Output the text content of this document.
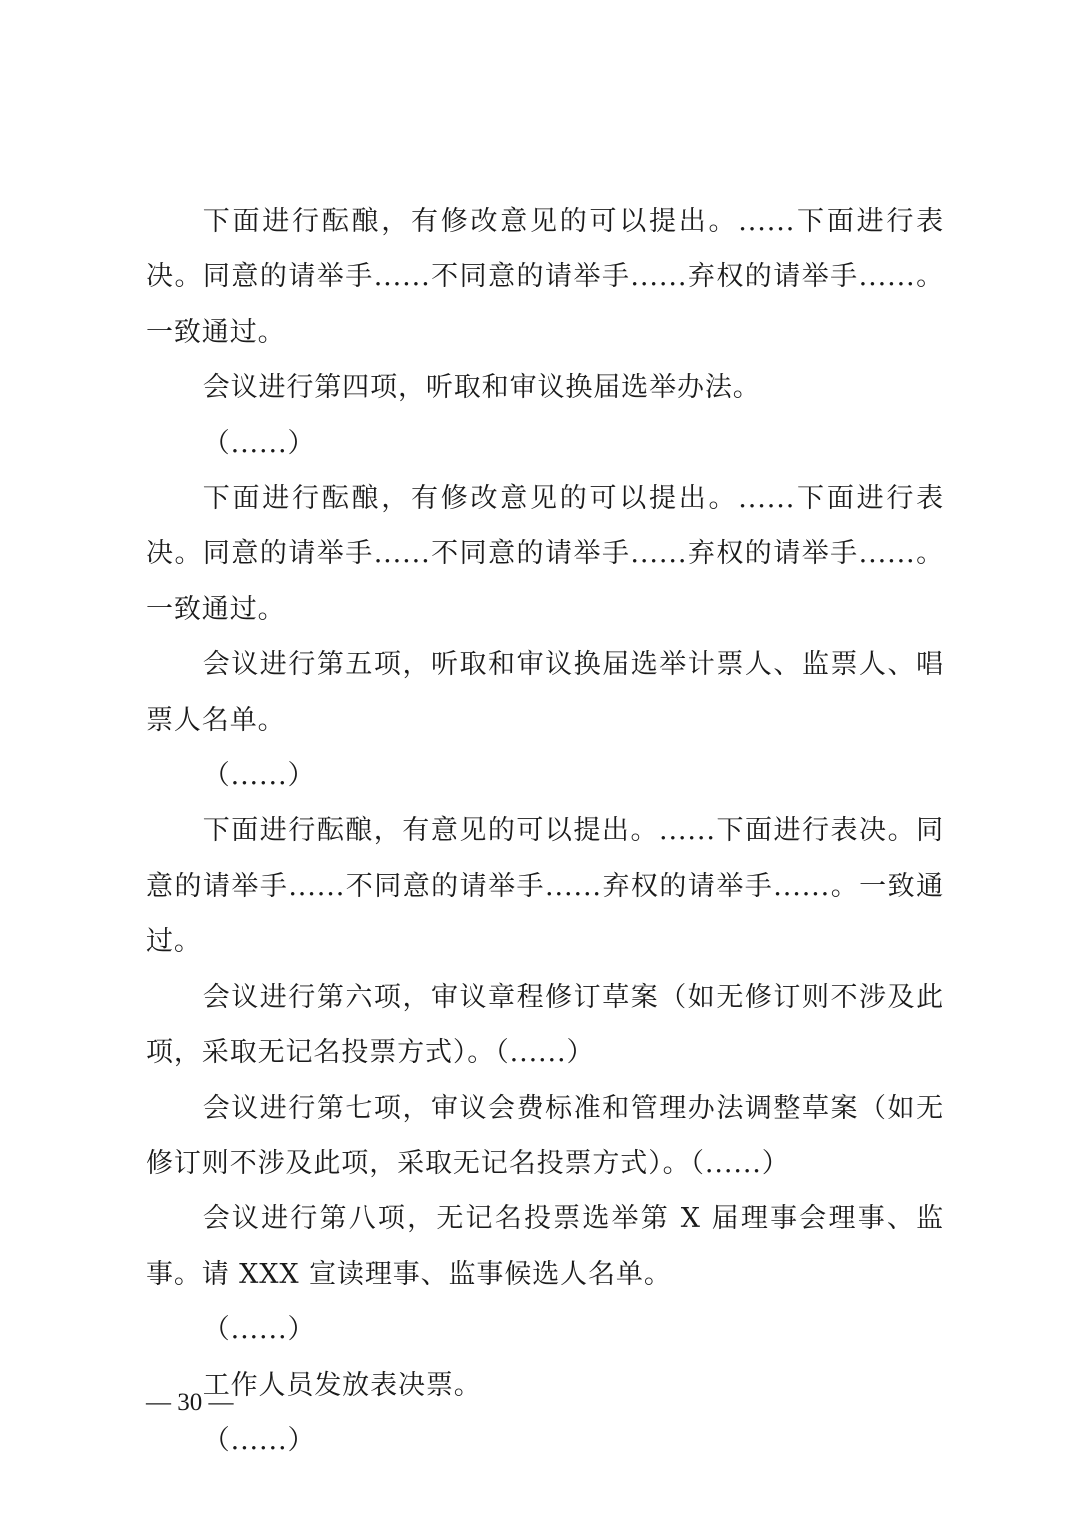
下面进行酝酿，有修改意见的可以提出。......下面进行表决。同意的请举手......不同意的请举手......弃权的请举手......。一致通过。

会议进行第四项，听取和审议换届选举办法。

（......）

下面进行酝酿，有修改意见的可以提出。......下面进行表决。同意的请举手......不同意的请举手......弃权的请举手......。一致通过。

会议进行第五项，听取和审议换届选举计票人、监票人、唱票人名单。

（......）

下面进行酝酿，有意见的可以提出。......下面进行表决。同意的请举手......不同意的请举手......弃权的请举手......。一致通过。

会议进行第六项，审议章程修订草案（如无修订则不涉及此项，采取无记名投票方式）。（......）

会议进行第七项，审议会费标准和管理办法调整草案（如无修订则不涉及此项，采取无记名投票方式）。（......）

会议进行第八项，无记名投票选举第 X 届理事会理事、监事。请 XXX 宣读理事、监事候选人名单。

（......）

工作人员发放表决票。

（......）

— 30 —
